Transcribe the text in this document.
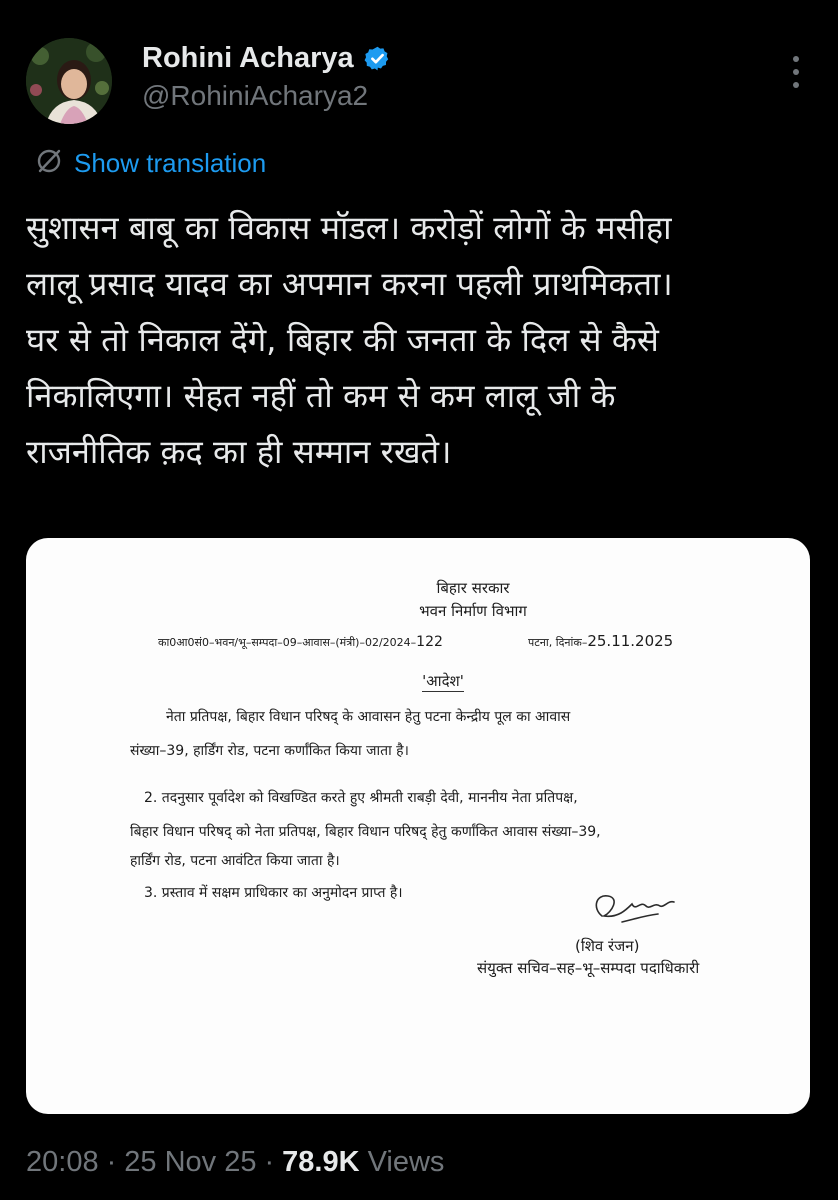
Rohini Acharya
@RohiniAcharya2
Show translation
सुशासन बाबू का विकास मॉडल। करोड़ों लोगों के मसीहा
लालू प्रसाद यादव का अपमान करना पहली प्राथमिकता।
घर से तो निकाल देंगे, बिहार की जनता के दिल से कैसे
निकालिएगा। सेहत नहीं तो कम से कम लालू जी के
राजनीतिक क़द का ही सम्मान रखते।
बिहार सरकार
भवन निर्माण विभाग
का0आ0सं0–भवन/भू–सम्पदा–09–आवास–(मंत्री)–02/2024–122	पटना, दिनांक–25.11.2025
'आदेश'
नेता प्रतिपक्ष, बिहार विधान परिषद् के आवासन हेतु पटना केन्द्रीय पूल का आवास
संख्या–39, हार्डिंग रोड, पटना कर्णांकित किया जाता है।
2. तदनुसार पूर्वादेश को विखण्डित करते हुए श्रीमती राबड़ी देवी, माननीय नेता प्रतिपक्ष,
बिहार विधान परिषद् को नेता प्रतिपक्ष, बिहार विधान परिषद् हेतु कर्णांकित आवास संख्या–39,
हार्डिंग रोड, पटना आवंटित किया जाता है।
3. प्रस्ताव में सक्षम प्राधिकार का अनुमोदन प्राप्त है।
(शिव रंजन)
संयुक्त सचिव–सह–भू–सम्पदा पदाधिकारी
20:08 · 25 Nov 25 · 78.9K Views
